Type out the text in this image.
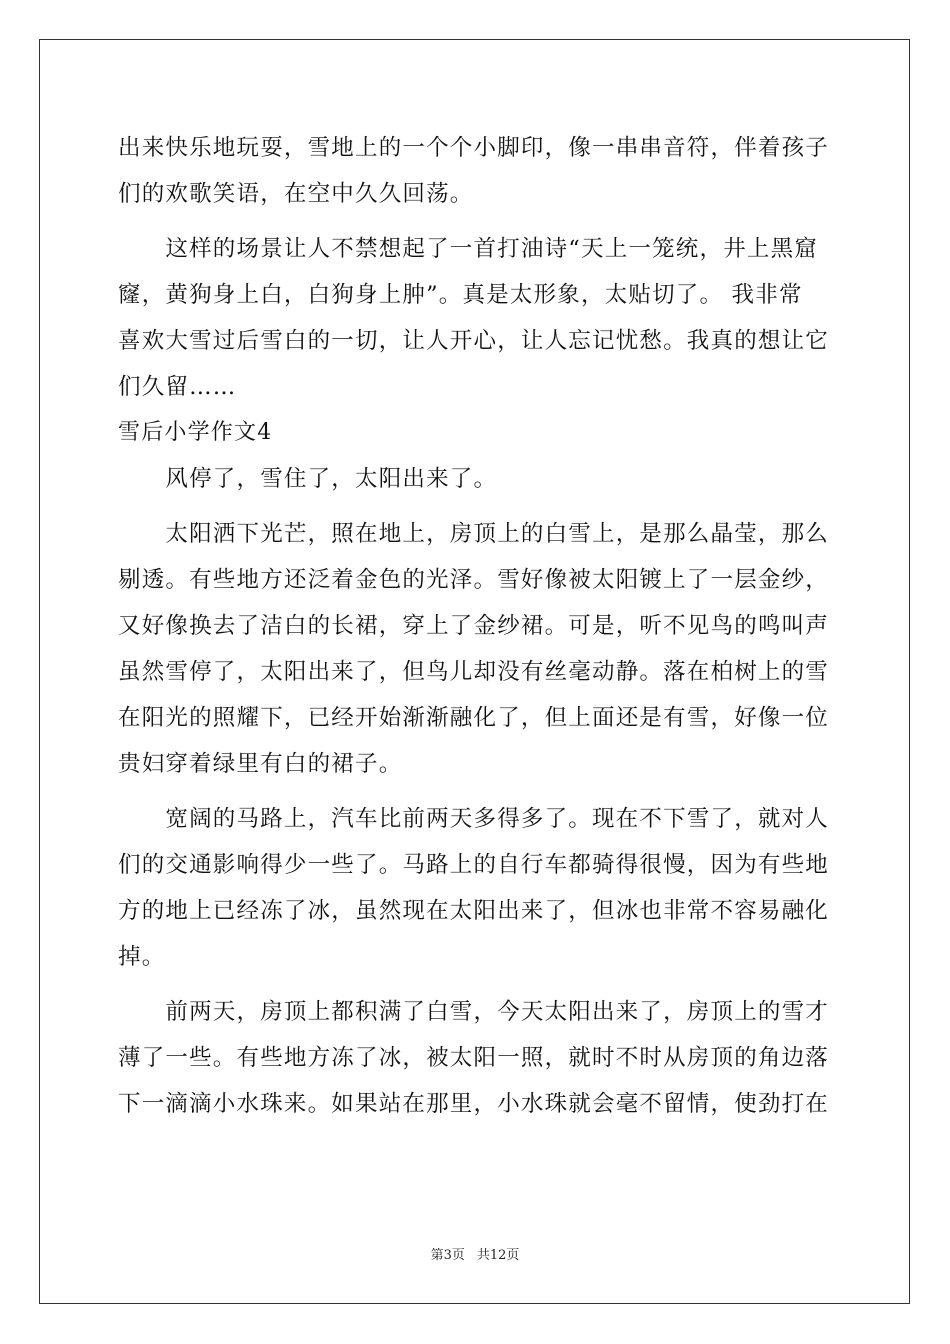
出来快乐地玩耍，雪地上的一个个小脚印，像一串串音符，伴着孩子
们的欢歌笑语，在空中久久回荡。
　　这样的场景让人不禁想起了一首打油诗“天上一笼统，井上黑窟
窿，黄狗身上白，白狗身上肿”。真是太形象，太贴切了。 我非常
喜欢大雪过后雪白的一切，让人开心，让人忘记忧愁。我真的想让它
们久留……
雪后小学作文4
　　风停了，雪住了，太阳出来了。
　　太阳洒下光芒，照在地上，房顶上的白雪上，是那么晶莹，那么
剔透。有些地方还泛着金色的光泽。雪好像被太阳镀上了一层金纱，
又好像换去了洁白的长裙，穿上了金纱裙。可是，听不见鸟的鸣叫声
虽然雪停了，太阳出来了，但鸟儿却没有丝毫动静。落在柏树上的雪
在阳光的照耀下，已经开始渐渐融化了，但上面还是有雪，好像一位
贵妇穿着绿里有白的裙子。
　　宽阔的马路上，汽车比前两天多得多了。现在不下雪了，就对人
们的交通影响得少一些了。马路上的自行车都骑得很慢，因为有些地
方的地上已经冻了冰，虽然现在太阳出来了，但冰也非常不容易融化
掉。
　　前两天，房顶上都积满了白雪，今天太阳出来了，房顶上的雪才
薄了一些。有些地方冻了冰，被太阳一照，就时不时从房顶的角边落
下一滴滴小水珠来。如果站在那里，小水珠就会毫不留情，使劲打在
第3页 共12页
